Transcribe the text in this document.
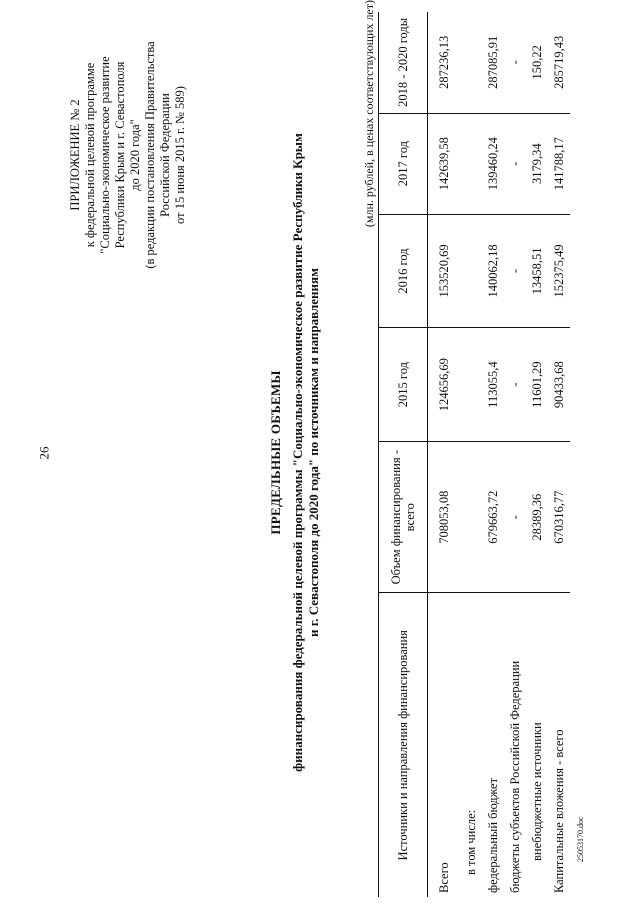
26
25053170.doc
ПРИЛОЖЕНИЕ № 2 к федеральной целевой программе "Социально-экономическое развитие Республики Крым и г. Севастополя до 2020 года" (в редакции постановления Правительства Российской Федерации от 15 июня 2015 г. № 589)
ПРЕДЕЛЬНЫЕ ОБЪЕМЫ финансирования федеральной целевой программы "Социально-экономическое развитие Республики Крым и г. Севастополя до 2020 года" по источникам и направлениям
(млн. рублей, в ценах соответствующих лет)
Источники и направления финансирования	Объем финансирования - всего	2015 год	2016 год	2017 год	2018 - 2020 годы
Всего	708053,08	124656,69	153520,69	142639,58	287236,13
в том числе:					
федеральный бюджет	679663,72	113055,4	140062,18	139460,24	287085,91
бюджеты субъектов Российской Федерации	-	-	-	-	-
внебюджетные источники	28389,36	11601,29	13458,51	3179,34	150,22
Капитальные вложения - всего	670316,77	90433,68	152375,49	141788,17	285719,43
